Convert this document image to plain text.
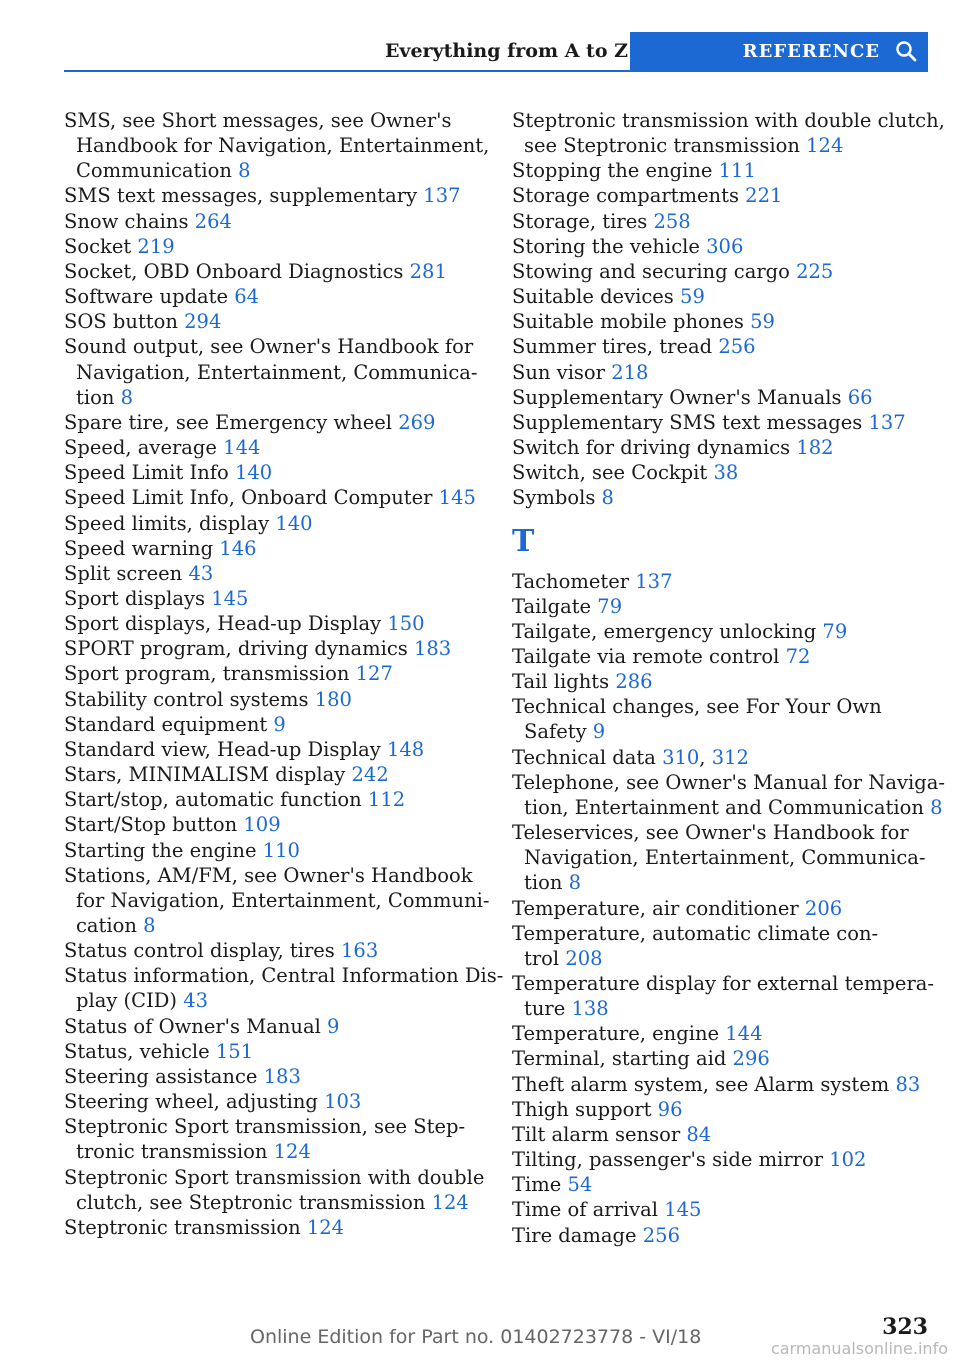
Everything from A to Z	REFERENCE
SMS, see Short messages, see Owner's
Handbook for Navigation, Entertainment,
Communication 8
SMS text messages, supplementary 137
Snow chains 264
Socket 219
Socket, OBD Onboard Diagnostics 281
Software update 64
SOS button 294
Sound output, see Owner's Handbook for
Navigation, Entertainment, Communica-
tion 8
Spare tire, see Emergency wheel 269
Speed, average 144
Speed Limit Info 140
Speed Limit Info, Onboard Computer 145
Speed limits, display 140
Speed warning 146
Split screen 43
Sport displays 145
Sport displays, Head-up Display 150
SPORT program, driving dynamics 183
Sport program, transmission 127
Stability control systems 180
Standard equipment 9
Standard view, Head-up Display 148
Stars, MINIMALISM display 242
Start/stop, automatic function 112
Start/Stop button 109
Starting the engine 110
Stations, AM/FM, see Owner's Handbook
for Navigation, Entertainment, Communi-
cation 8
Status control display, tires 163
Status information, Central Information Dis-
play (CID) 43
Status of Owner's Manual 9
Status, vehicle 151
Steering assistance 183
Steering wheel, adjusting 103
Steptronic Sport transmission, see Step-
tronic transmission 124
Steptronic Sport transmission with double
clutch, see Steptronic transmission 124
Steptronic transmission 124
Steptronic transmission with double clutch,
see Steptronic transmission 124
Stopping the engine 111
Storage compartments 221
Storage, tires 258
Storing the vehicle 306
Stowing and securing cargo 225
Suitable devices 59
Suitable mobile phones 59
Summer tires, tread 256
Sun visor 218
Supplementary Owner's Manuals 66
Supplementary SMS text messages 137
Switch for driving dynamics 182
Switch, see Cockpit 38
Symbols 8
T
Tachometer 137
Tailgate 79
Tailgate, emergency unlocking 79
Tailgate via remote control 72
Tail lights 286
Technical changes, see For Your Own
Safety 9
Technical data 310, 312
Telephone, see Owner's Manual for Naviga-
tion, Entertainment and Communication 8
Teleservices, see Owner's Handbook for
Navigation, Entertainment, Communica-
tion 8
Temperature, air conditioner 206
Temperature, automatic climate con-
trol 208
Temperature display for external tempera-
ture 138
Temperature, engine 144
Terminal, starting aid 296
Theft alarm system, see Alarm system 83
Thigh support 96
Tilt alarm sensor 84
Tilting, passenger's side mirror 102
Time 54
Time of arrival 145
Tire damage 256
323
Online Edition for Part no. 01402723778 - VI/18
carmanualsonline.info
